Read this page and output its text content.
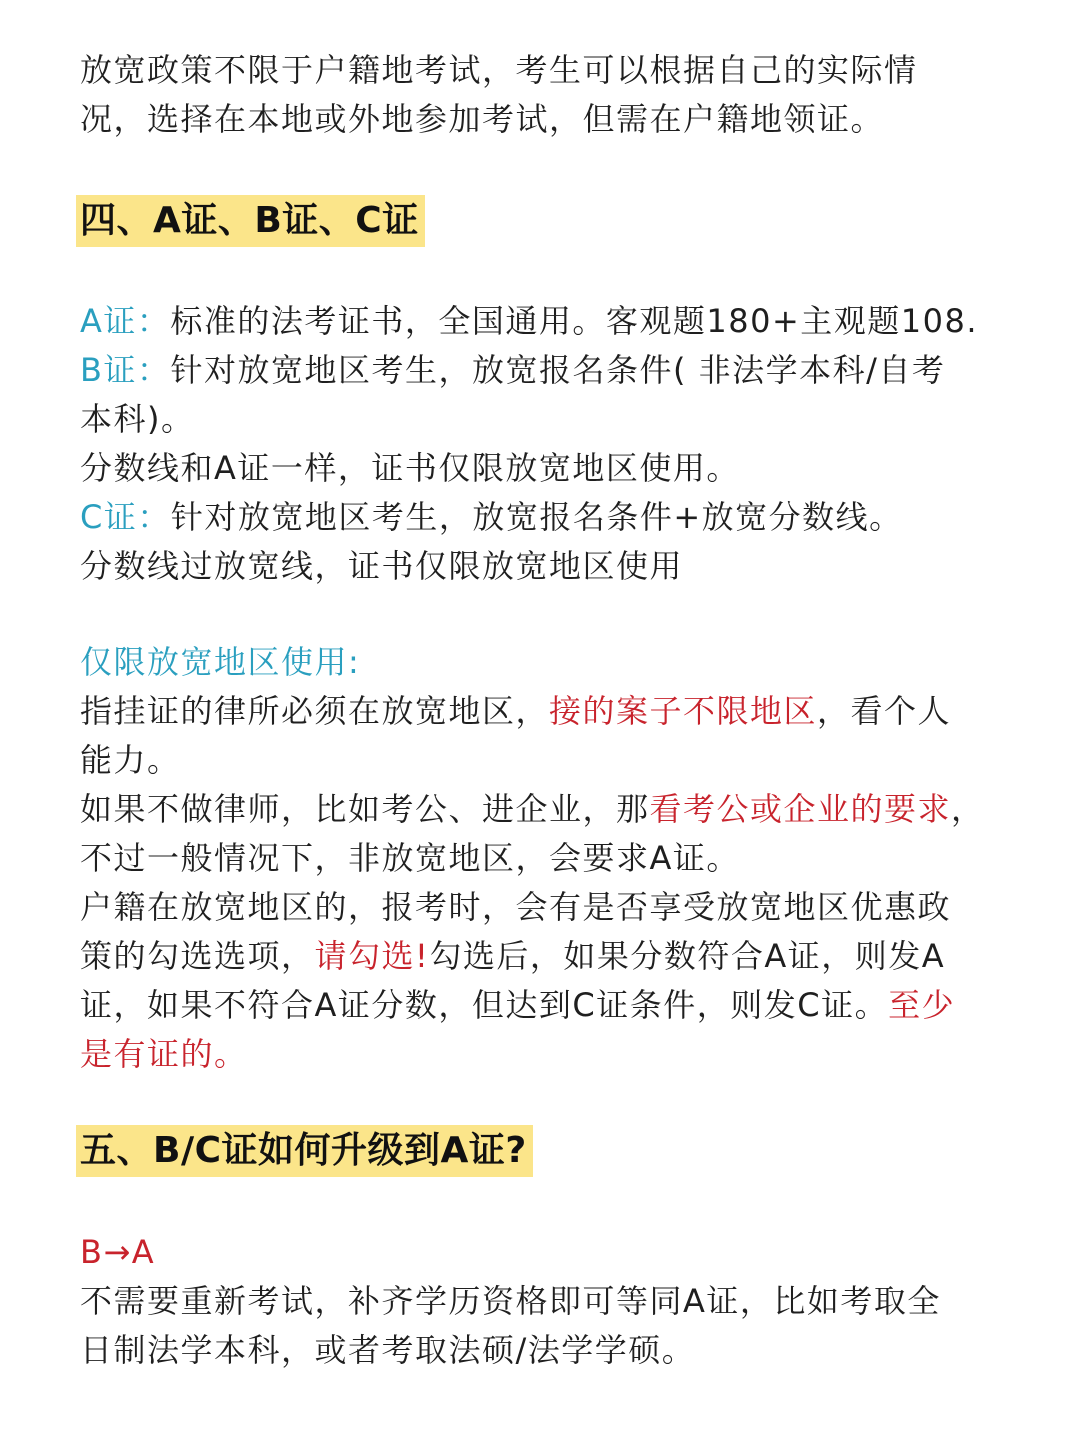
放宽政策不限于户籍地考试，考生可以根据自己的实际情
况，选择在本地或外地参加考试，但需在户籍地领证。

四、A证、B证、C证

A证：标准的法考证书，全国通用。客观题180+主观题108.
B证：针对放宽地区考生，放宽报名条件( 非法学本科/自考
本科)。
分数线和A证一样，证书仅限放宽地区使用。
C证：针对放宽地区考生，放宽报名条件+放宽分数线。
分数线过放宽线，证书仅限放宽地区使用

仅限放宽地区使用:
指挂证的律所必须在放宽地区，接的案子不限地区，看个人
能力。
如果不做律师，比如考公、进企业，那看考公或企业的要求，
不过一般情况下，非放宽地区，会要求A证。
户籍在放宽地区的，报考时，会有是否享受放宽地区优惠政
策的勾选选项，请勾选!勾选后，如果分数符合A证，则发A
证，如果不符合A证分数，但达到C证条件，则发C证。至少
是有证的。

五、B/C证如何升级到A证?

B→A
不需要重新考试，补齐学历资格即可等同A证，比如考取全
日制法学本科，或者考取法硕/法学学硕。
